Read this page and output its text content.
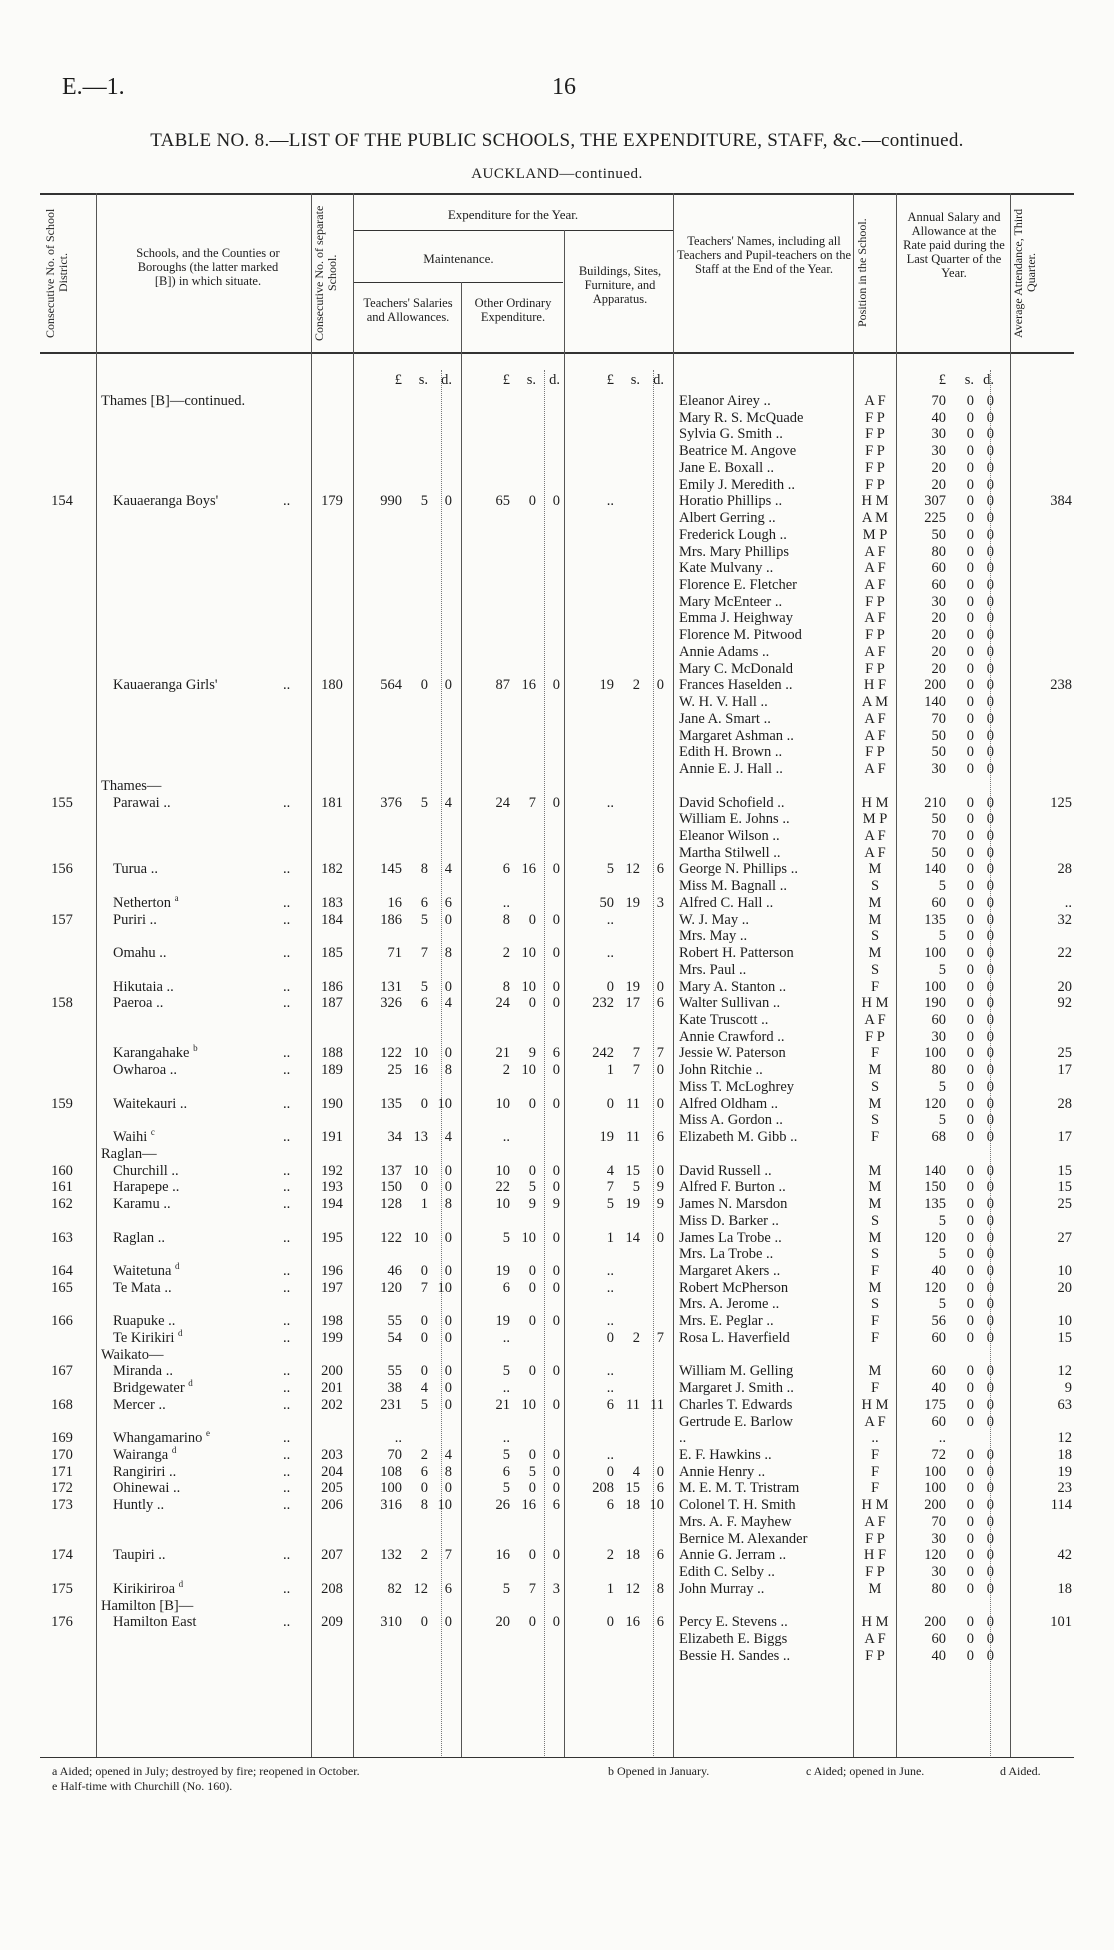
E.—1.	16
TABLE NO. 8.—LIST OF THE PUBLIC SCHOOLS, THE EXPENDITURE, STAFF, &c.—continued.
AUCKLAND—continued.
Consecutive No. of School District.
Schools, and the Counties or Boroughs (the latter marked [B]) in which situate.	Consecutive No. of separate School.
Expenditure for the Year.
Maintenance.
Teachers' Salaries and Allowances.
Other Ordinary Expenditure.
Buildings, Sites, Furniture, and Apparatus.
Teachers' Names, including all Teachers and Pupil-teachers on the Staff at the End of the Year.	Position in the School.
Annual Salary and Allowance at the Rate paid during the Last Quarter of the Year.	Average Attendance, Third Quarter.
£ s. d.	£ s. d.	£ s. d.	£ s. d.
Thames [B]—continued.	Eleanor Airey ..	A F	70 0 0
Mary R. S. McQuade	F P	40 0 0
Sylvia G. Smith ..	F P	30 0 0
Beatrice M. Angove	F P	30 0 0
Jane E. Boxall ..	F P	20 0 0
Emily J. Meredith ..	F P	20 0 0
154	Kauaeranga Boys'	..	179	990 5 0	65 0 0	..	Horatio Phillips ..	H M	307 0 0	384
Albert Gerring ..	A M	225 0 0
Frederick Lough ..	M P	50 0 0
Mrs. Mary Phillips	A F	80 0 0
Kate Mulvany ..	A F	60 0 0
Florence E. Fletcher	A F	60 0 0
Mary McEnteer ..	F P	30 0 0
Emma J. Heighway	A F	20 0 0
Florence M. Pitwood	F P	20 0 0
Annie Adams ..	A F	20 0 0
Mary C. McDonald	F P	20 0 0
Kauaeranga Girls'	..	180	564 0 0	87 16 0	19 2 0	Frances Haselden ..	H F	200 0 0	238
W. H. V. Hall ..	A M	140 0 0
Jane A. Smart ..	A F	70 0 0
Margaret Ashman ..	A F	50 0 0
Edith H. Brown ..	F P	50 0 0
Annie E. J. Hall ..	A F	30 0 0
Thames—
155	Parawai ..	..	181	376 5 4	24 7 0	..	David Schofield ..	H M	210 0 0	125
William E. Johns ..	M P	50 0 0
Eleanor Wilson ..	A F	70 0 0
Martha Stilwell ..	A F	50 0 0
156	Turua ..	..	182	145 8 4	6 16 0	5 12 6	George N. Phillips ..	M	140 0 0	28
Miss M. Bagnall ..	S	5 0 0
Netherton $^a$	..	183	16 6 6	..	50 19 3	Alfred C. Hall ..	M	60 0 0	..
157	Puriri ..	..	184	186 5 0	8 0 0	..	W. J. May ..	M	135 0 0	32
Mrs. May ..	S	5 0 0
Omahu ..	..	185	71 7 8	2 10 0	..	Robert H. Patterson	M	100 0 0	22
Mrs. Paul ..	S	5 0 0
Hikutaia ..	..	186	131 5 0	8 10 0	0 19 0	Mary A. Stanton ..	F	100 0 0	20
158	Paeroa ..	..	187	326 6 4	24 0 0	232 17 6	Walter Sullivan ..	H M	190 0 0	92
Kate Truscott ..	A F	60 0 0
Annie Crawford ..	F P	30 0 0
Karangahake $^b$	..	188	122 10 0	21 9 6	242 7 7	Jessie W. Paterson	F	100 0 0	25
Owharoa ..	..	189	25 16 8	2 10 0	1 7 0	John Ritchie ..	M	80 0 0	17
Miss T. McLoghrey	S	5 0 0
159	Waitekauri ..	..	190	135 0 10	10 0 0	0 11 0	Alfred Oldham ..	M	120 0 0	28
Miss A. Gordon ..	S	5 0 0
Waihi $^c$	..	191	34 13 4	..	19 11 6	Elizabeth M. Gibb ..	F	68 0 0	17
Raglan—
160	Churchill ..	..	192	137 10 0	10 0 0	4 15 0	David Russell ..	M	140 0 0	15
161	Harapepe ..	..	193	150 0 0	22 5 0	7 5 9	Alfred F. Burton ..	M	150 0 0	15
162	Karamu ..	..	194	128 1 8	10 9 9	5 19 9	James N. Marsdon	M	135 0 0	25
Miss D. Barker ..	S	5 0 0
163	Raglan ..	..	195	122 10 0	5 10 0	1 14 0	James La Trobe ..	M	120 0 0	27
Mrs. La Trobe ..	S	5 0 0
164	Waitetuna $^d$	..	196	46 0 0	19 0 0	..	Margaret Akers ..	F	40 0 0	10
165	Te Mata ..	..	197	120 7 10	6 0 0	..	Robert McPherson	M	120 0 0	20
Mrs. A. Jerome ..	S	5 0 0
166	Ruapuke ..	..	198	55 0 0	19 0 0	..	Mrs. E. Peglar ..	F	56 0 0	10
Te Kirikiri $^d$	..	199	54 0 0	..	0 2 7	Rosa L. Haverfield	F	60 0 0	15
Waikato—
167	Miranda ..	..	200	55 0 0	5 0 0	..	William M. Gelling	M	60 0 0	12
Bridgewater $^d$	..	201	38 4 0	..	..	Margaret J. Smith ..	F	40 0 0	9
168	Mercer ..	..	202	231 5 0	21 10 0	6 11 11	Charles T. Edwards	H M	175 0 0	63
Gertrude E. Barlow	A F	60 0 0
169	Whangamarino $^e$	..	..	..	..	..	..	12
170	Wairanga $^d$	..	203	70 2 4	5 0 0	..	E. F. Hawkins ..	F	72 0 0	18
171	Rangiriri ..	..	204	108 6 8	6 5 0	0 4 0	Annie Henry ..	F	100 0 0	19
172	Ohinewai ..	..	205	100 0 0	5 0 0	208 15 6	M. E. M. T. Tristram	F	100 0 0	23
173	Huntly ..	..	206	316 8 10	26 16 6	6 18 10	Colonel T. H. Smith	H M	200 0 0	114
Mrs. A. F. Mayhew	A F	70 0 0
Bernice M. Alexander	F P	30 0 0
174	Taupiri ..	..	207	132 2 7	16 0 0	2 18 6	Annie G. Jerram ..	H F	120 0 0	42
Edith C. Selby ..	F P	30 0 0
175	Kirikiriroa $^d$	..	208	82 12 6	5 7 3	1 12 8	John Murray ..	M	80 0 0	18
Hamilton [B]—
176	Hamilton East	..	209	310 0 0	20 0 0	0 16 6	Percy E. Stevens ..	H M	200 0 0	101
Elizabeth E. Biggs	A F	60 0 0
Bessie H. Sandes ..	F P	40 0 0
a Aided; opened in July; destroyed by fire; reopened in October.	b Opened in January.	c Aided; opened in June.	d Aided.
e Half-time with Churchill (No. 160).
